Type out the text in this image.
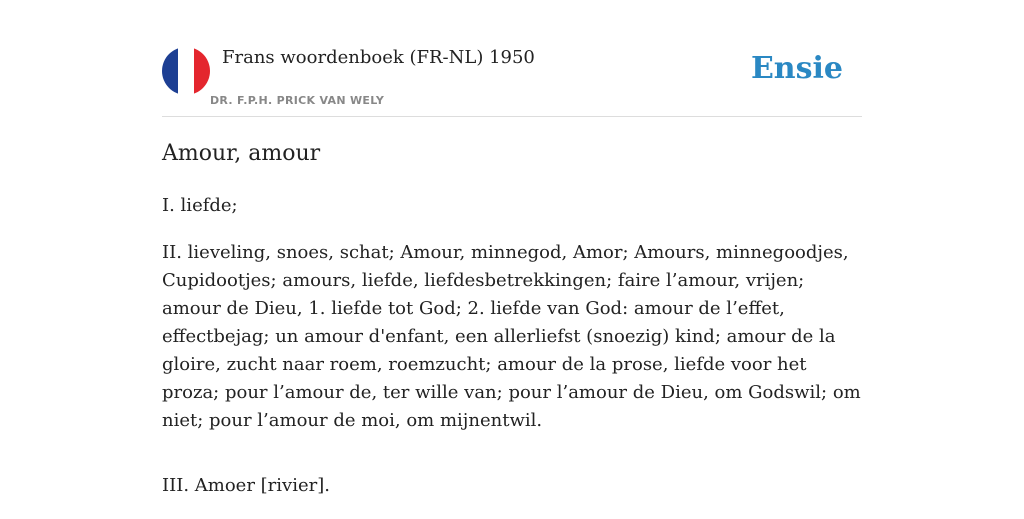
Frans woordenboek (FR-NL) 1950
DR. F.P.H. PRICK VAN WELY
Ensie
Amour, amour

I. liefde;

II. lieveling, snoes, schat; Amour, minnegod, Amor; Amours, minnegoodjes, Cupidootjes; amours, liefde, liefdesbetrekkingen; faire l’amour, vrijen; amour de Dieu, 1. liefde tot God; 2. liefde van God: amour de l’effet, effectbejag; un amour d'enfant, een allerliefst (snoezig) kind; amour de la gloire, zucht naar roem, roemzucht; amour de la prose, liefde voor het proza; pour l’amour de, ter wille van; pour l’amour de Dieu, om Godswil; om niet; pour l’amour de moi, om mijnentwil.

III. Amoer [rivier].
